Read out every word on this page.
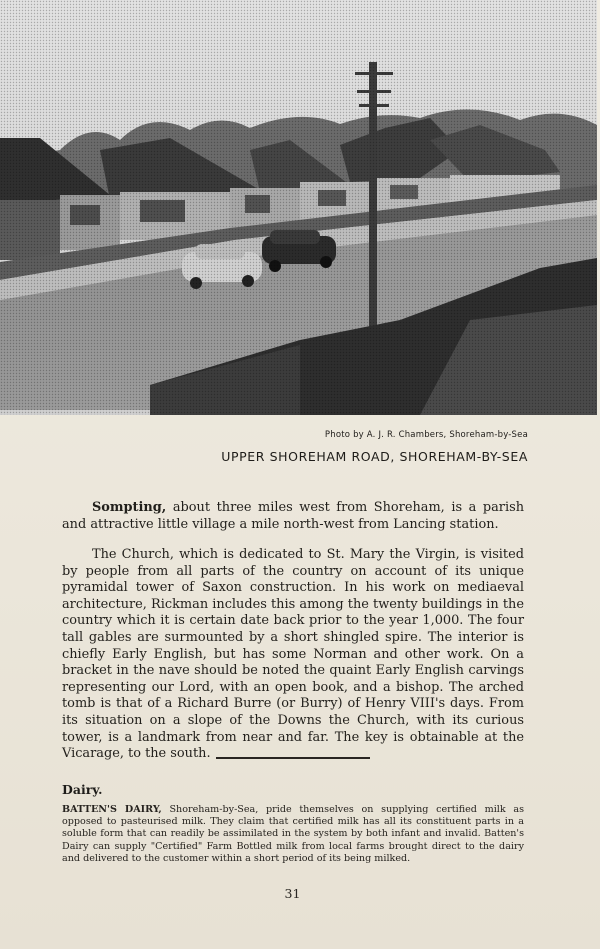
Photo by A. J. R. Chambers, Shoreham-by-Sea
UPPER SHOREHAM ROAD, SHOREHAM-BY-SEA

Sompting, about three miles west from Shoreham, is a parish and attractive little village a mile north-west from Lancing station.

The Church, which is dedicated to St. Mary the Virgin, is visited by people from all parts of the country on account of its unique pyramidal tower of Saxon construction. In his work on mediaeval architecture, Rickman includes this among the twenty buildings in the country which it is certain date back prior to the year 1,000. The four tall gables are surmounted by a short shingled spire. The interior is chiefly Early English, but has some Norman and other work. On a bracket in the nave should be noted the quaint Early English carvings representing our Lord, with an open book, and a bishop. The arched tomb is that of a Richard Burre (or Burry) of Henry VIII's days. From its situation on a slope of the Downs the Church, with its curious tower, is a landmark from near and far. The key is obtainable at the Vicarage, to the south.

Dairy.
BATTEN'S DAIRY, Shoreham-by-Sea, pride themselves on supplying certified milk as opposed to pasteurised milk. They claim that certified milk has all its constituent parts in a soluble form that can readily be assimilated in the system by both infant and invalid. Batten's Dairy can supply "Certified" Farm Bottled milk from local farms brought direct to the dairy and delivered to the customer within a short period of its being milked.
31
